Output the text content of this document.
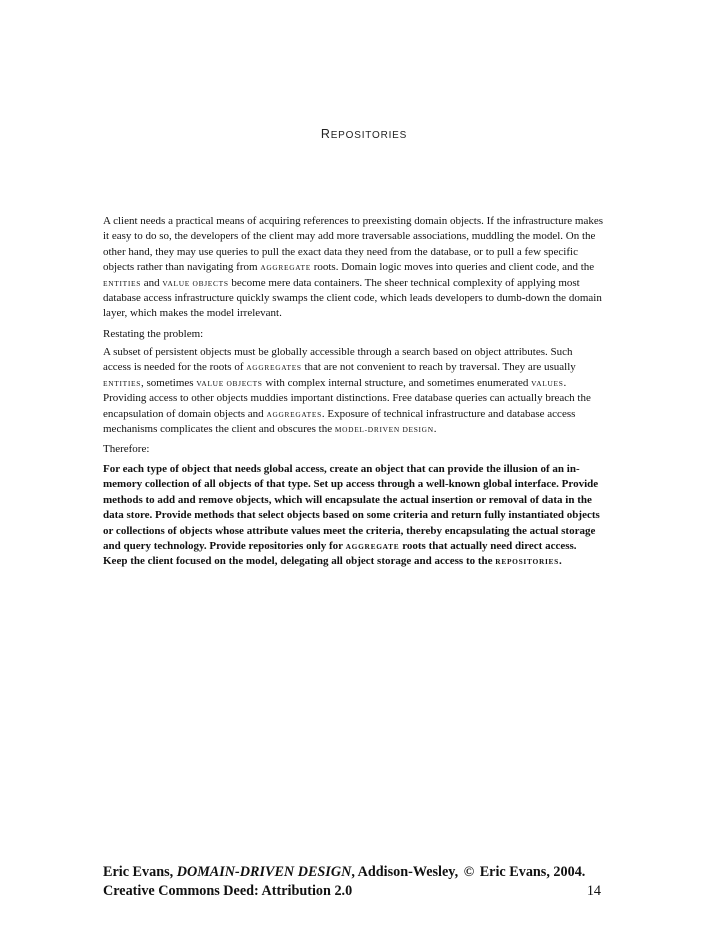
REPOSITORIES

A client needs a practical means of acquiring references to preexisting domain objects. If the infrastructure makes it easy to do so, the developers of the client may add more traversable associations, muddling the model. On the other hand, they may use queries to pull the exact data they need from the database, or to pull a few specific objects rather than navigating from AGGREGATE roots. Domain logic moves into queries and client code, and the ENTITIES and VALUE OBJECTS become mere data containers. The sheer technical complexity of applying most database access infrastructure quickly swamps the client code, which leads developers to dumb-down the domain layer, which makes the model irrelevant.

Restating the problem:

A subset of persistent objects must be globally accessible through a search based on object attributes. Such access is needed for the roots of AGGREGATES that are not convenient to reach by traversal. They are usually ENTITIES, sometimes VALUE OBJECTS with complex internal structure, and sometimes enumerated VALUES. Providing access to other objects muddies important distinctions. Free database queries can actually breach the encapsulation of domain objects and AGGREGATES. Exposure of technical infrastructure and database access mechanisms complicates the client and obscures the MODEL-DRIVEN DESIGN.

Therefore:

For each type of object that needs global access, create an object that can provide the illusion of an in-memory collection of all objects of that type. Set up access through a well-known global interface. Provide methods to add and remove objects, which will encapsulate the actual insertion or removal of data in the data store. Provide methods that select objects based on some criteria and return fully instantiated objects or collections of objects whose attribute values meet the criteria, thereby encapsulating the actual storage and query technology. Provide repositories only for AGGREGATE roots that actually need direct access. Keep the client focused on the model, delegating all object storage and access to the REPOSITORIES.

Eric Evans, DOMAIN-DRIVEN DESIGN, Addison-Wesley, © Eric Evans, 2004.
Creative Commons Deed: Attribution 2.0	14
